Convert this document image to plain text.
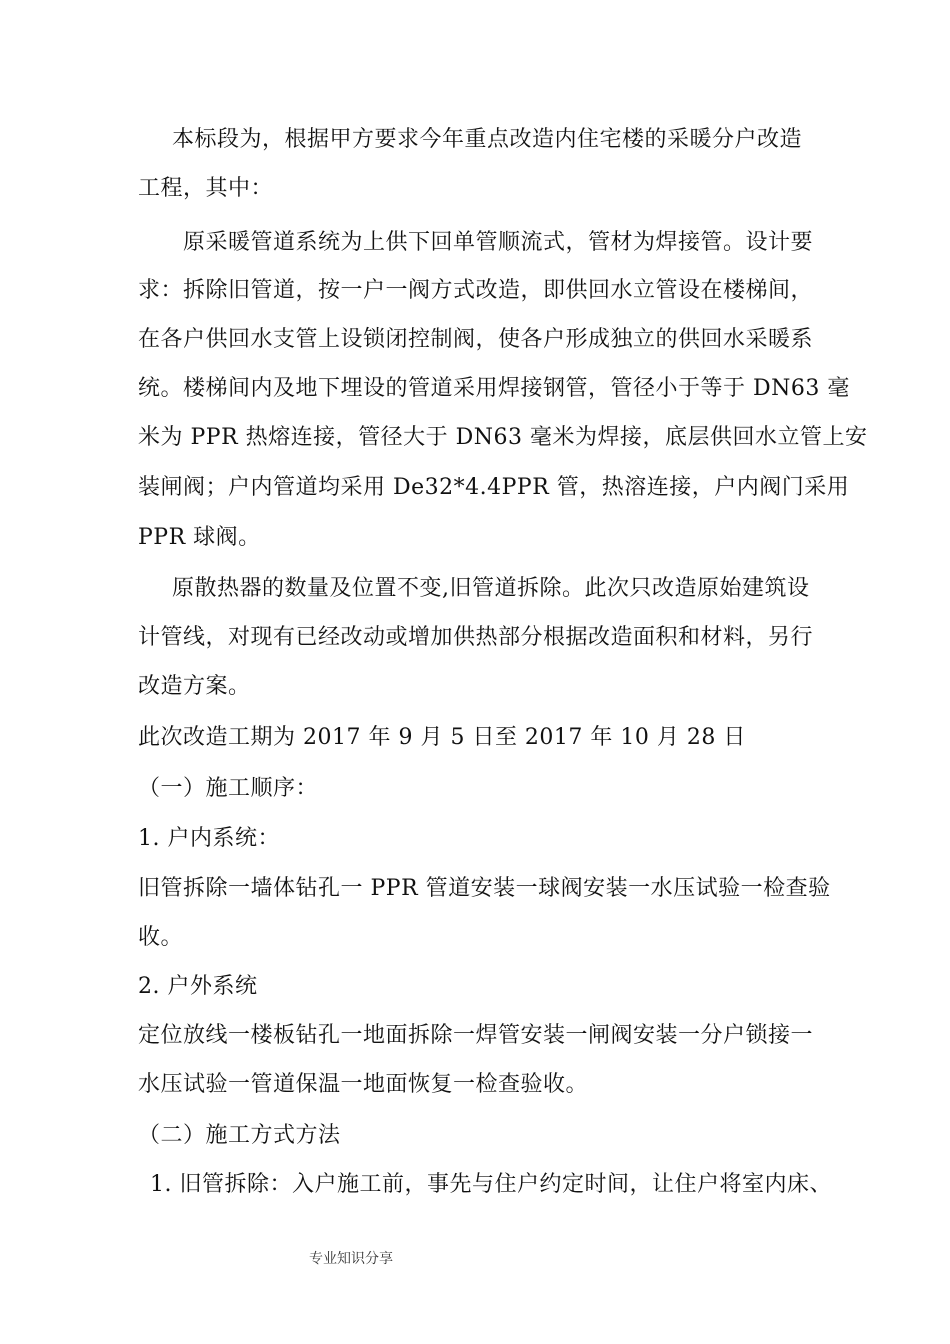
本标段为，根据甲方要求今年重点改造内住宅楼的采暖分户改造
工程，其中：
原采暖管道系统为上供下回单管顺流式，管材为焊接管。设计要
求：拆除旧管道，按一户一阀方式改造，即供回水立管设在楼梯间，
在各户供回水支管上设锁闭控制阀，使各户形成独立的供回水采暖系
统。楼梯间内及地下埋设的管道采用焊接钢管，管径小于等于 DN63 毫
米为 PPR 热熔连接，管径大于 DN63 毫米为焊接，底层供回水立管上安
装闸阀；户内管道均采用 De32*4.4PPR 管，热溶连接，户内阀门采用
PPR 球阀。
原散热器的数量及位置不变,旧管道拆除。此次只改造原始建筑设
计管线，对现有已经改动或增加供热部分根据改造面积和材料，另行
改造方案。
此次改造工期为 2017 年 9 月 5 日至 2017 年 10 月 28 日
（一）施工顺序：
1. 户内系统：
旧管拆除一墙体钻孔一 PPR 管道安装一球阀安装一水压试验一检查验
收。
2. 户外系统
定位放线一楼板钻孔一地面拆除一焊管安装一闸阀安装一分户锁接一
水压试验一管道保温一地面恢复一检查验收。
（二）施工方式方法
1. 旧管拆除：入户施工前，事先与住户约定时间，让住户将室内床、
专业知识分享
